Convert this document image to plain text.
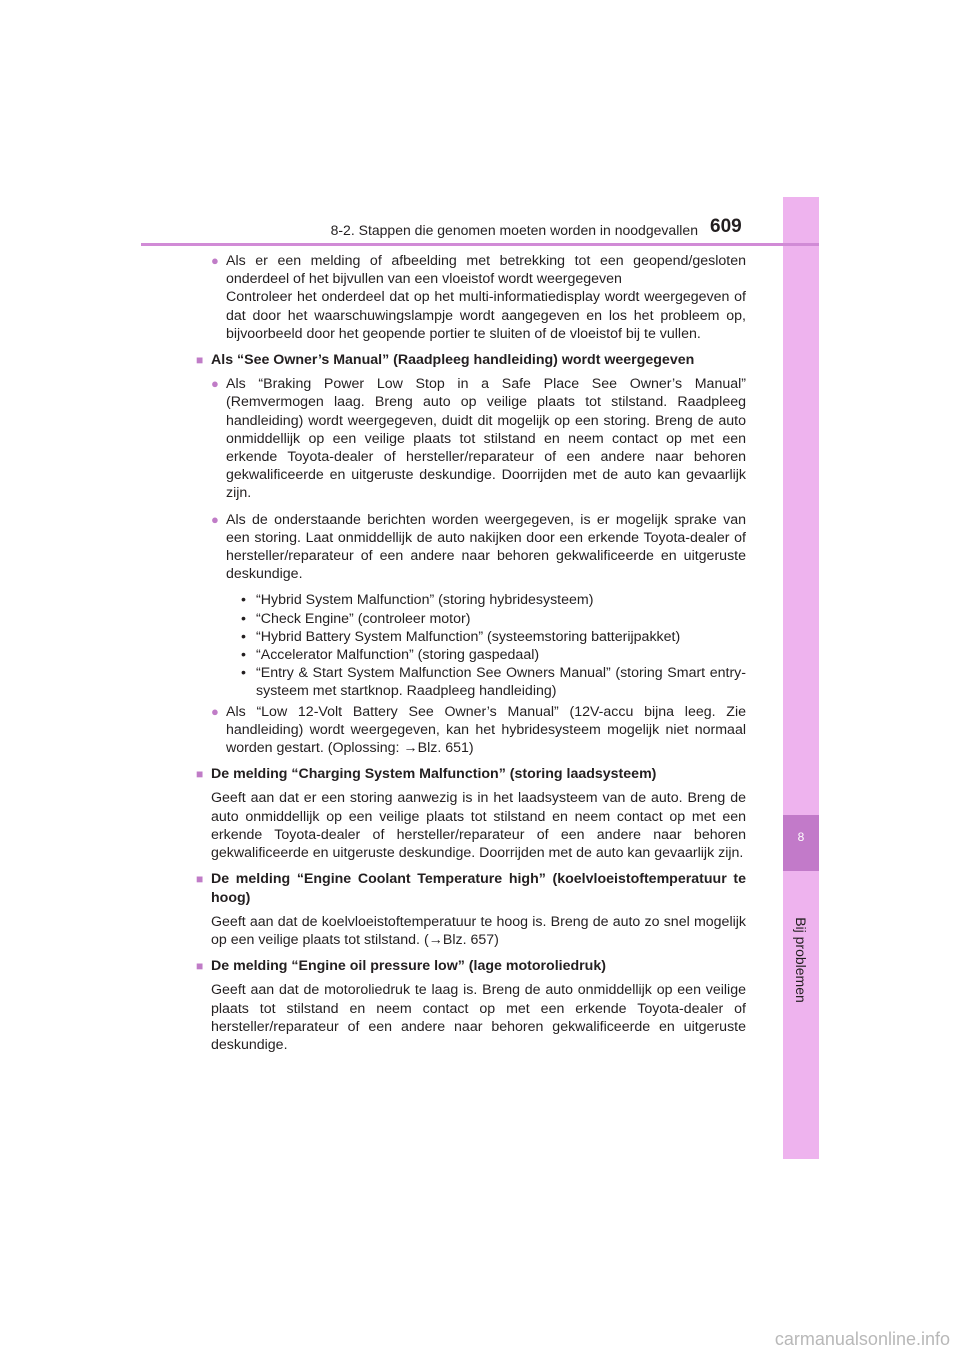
8
Bij problemen
8-2. Stappen die genomen moeten worden in noodgevallen 609
● Als er een melding of afbeelding met betrekking tot een geopend/gesloten onderdeel of het bijvullen van een vloeistof wordt weergegeven
Controleer het onderdeel dat op het multi-informatiedisplay wordt weergegeven of dat door het waarschuwingslampje wordt aangegeven en los het probleem op, bijvoorbeeld door het geopende portier te sluiten of de vloeistof bij te vullen.
■ Als “See Owner’s Manual” (Raadpleeg handleiding) wordt weergegeven
● Als “Braking Power Low Stop in a Safe Place See Owner’s Manual” (Remvermogen laag. Breng auto op veilige plaats tot stilstand. Raadpleeg handleiding) wordt weergegeven, duidt dit mogelijk op een storing. Breng de auto onmiddellijk op een veilige plaats tot stilstand en neem contact op met een erkende Toyota-dealer of hersteller/reparateur of een andere naar behoren gekwalificeerde en uitgeruste deskundige. Doorrijden met de auto kan gevaarlijk zijn.
● Als de onderstaande berichten worden weergegeven, is er mogelijk sprake van een storing. Laat onmiddellijk de auto nakijken door een erkende Toyota-dealer of hersteller/reparateur of een andere naar behoren gekwalificeerde en uitgeruste deskundige.
• “Hybrid System Malfunction” (storing hybridesysteem)
• “Check Engine” (controleer motor)
• “Hybrid Battery System Malfunction” (systeemstoring batterijpakket)
• “Accelerator Malfunction” (storing gaspedaal)
• “Entry & Start System Malfunction See Owners Manual” (storing Smart entry-systeem met startknop. Raadpleeg handleiding)
● Als “Low 12-Volt Battery See Owner’s Manual” (12V-accu bijna leeg. Zie handleiding) wordt weergegeven, kan het hybridesysteem mogelijk niet normaal worden gestart. (Oplossing: →Blz. 651)
■ De melding “Charging System Malfunction” (storing laadsysteem)
Geeft aan dat er een storing aanwezig is in het laadsysteem van de auto. Breng de auto onmiddellijk op een veilige plaats tot stilstand en neem contact op met een erkende Toyota-dealer of hersteller/reparateur of een andere naar behoren gekwalificeerde en uitgeruste deskundige. Doorrijden met de auto kan gevaarlijk zijn.
■ De melding “Engine Coolant Temperature high” (koelvloeistoftemperatuur te hoog)
Geeft aan dat de koelvloeistoftemperatuur te hoog is. Breng de auto zo snel mogelijk op een veilige plaats tot stilstand. (→Blz. 657)
■ De melding “Engine oil pressure low” (lage motoroliedruk)
Geeft aan dat de motoroliedruk te laag is. Breng de auto onmiddellijk op een veilige plaats tot stilstand en neem contact op met een erkende Toyota-dealer of hersteller/reparateur of een andere naar behoren gekwalificeerde en uitgeruste deskundige.
carmanualsonline.info
